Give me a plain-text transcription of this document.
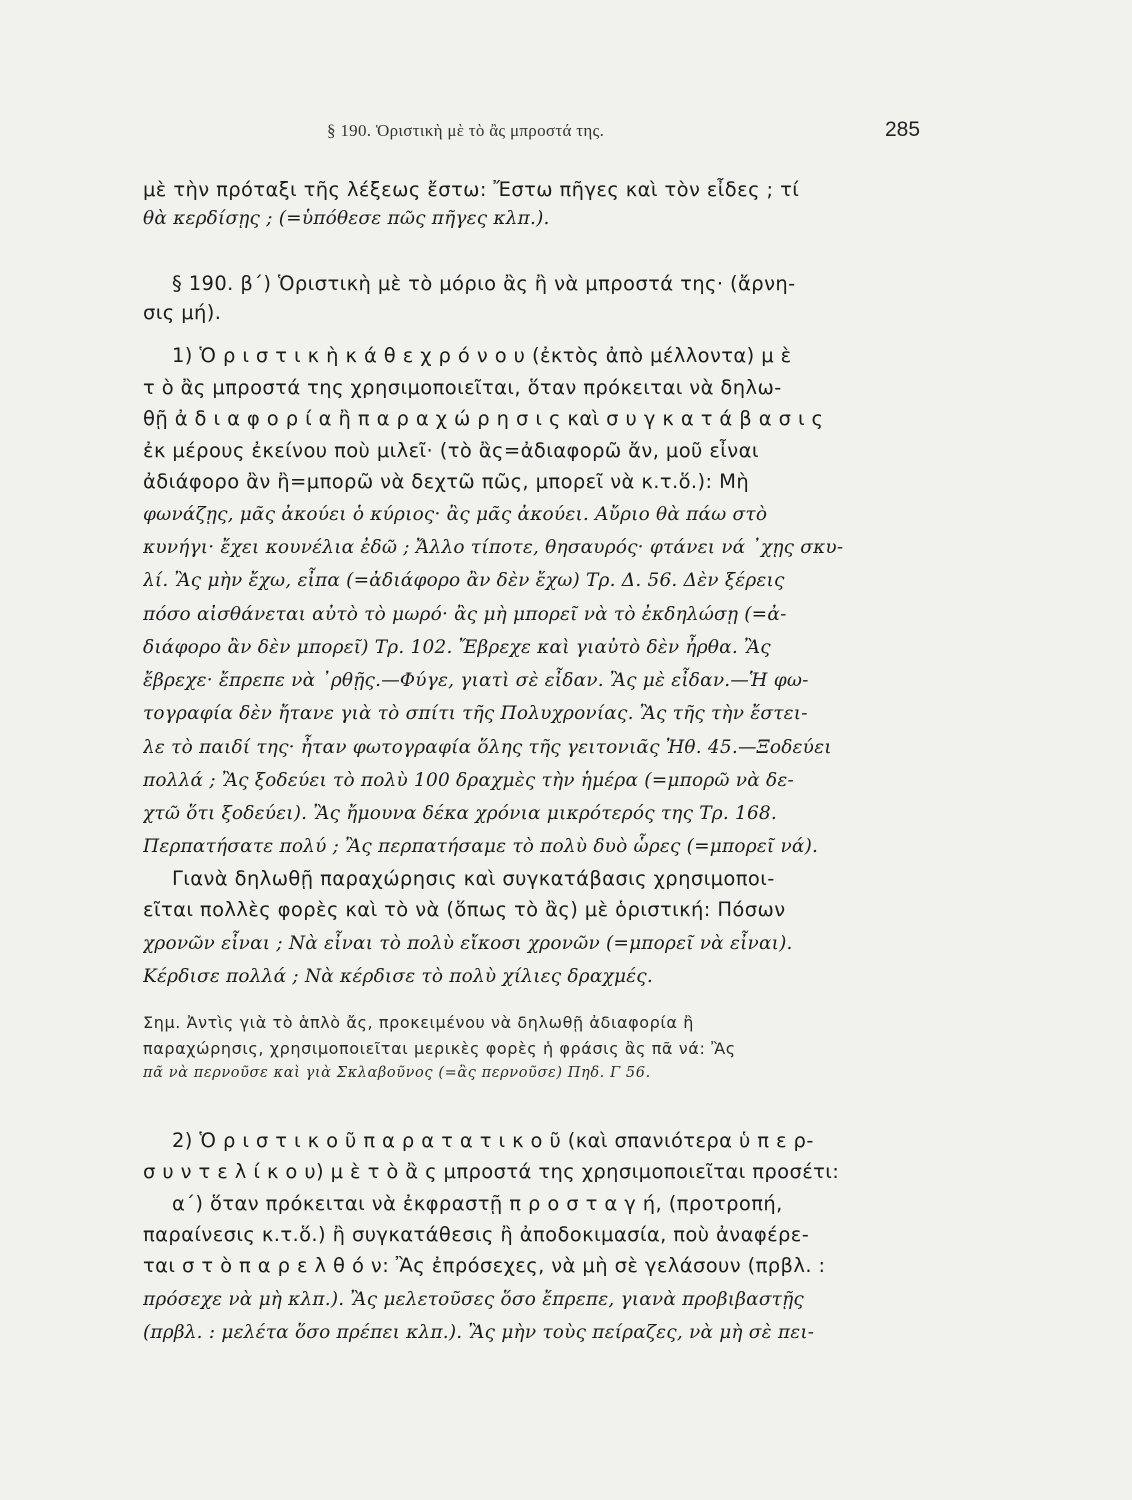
§ 190. Ὁριστικὴ μὲ τὸ ἂς μπροστά της.	285
μὲ τὴν πρόταξι τῆς λέξεως ἔστω: Ἔστω πῆγες καὶ τὸν εἶδες ; τί
θὰ κερδίσῃς ; (=ὑπόθεσε πῶς πῆγες κλπ.).
§ 190. β΄) Ὁριστικὴ μὲ τὸ μόριο ἂς ἢ νὰ μπροστά της· (ἄρνη-
σις μή).
1) Ὁ ρ ι σ τ ι κ ὴ κ ά θ ε χ ρ ό ν ο υ (ἐκτὸς ἀπὸ μέλλοντα) μ ὲ
τ ὸ ἂς μπροστά της χρησιμοποιεῖται, ὅταν πρόκειται νὰ δηλω-
θῇ ἀ δ ι α φ ο ρ ί α ἢ π α ρ α χ ώ ρ η σ ι ς καὶ σ υ γ κ α τ ά β α σ ι ς
ἐκ μέρους ἐκείνου ποὺ μιλεῖ· (τὸ ἂς=ἀδιαφορῶ ἄν, μοῦ εἶναι
ἀδιάφορο ἂν ἢ=μπορῶ νὰ δεχτῶ πῶς, μπορεῖ νὰ κ.τ.ὅ.): Μὴ
φωνάζῃς, μᾶς ἀκούει ὁ κύριος· ἂς μᾶς ἀκούει. Αὔριο θὰ πάω στὸ
κυνήγι· ἔχει κουνέλια ἐδῶ ; Ἄλλο τίποτε, θησαυρός· φτάνει νά ᾽χῃς σκυ-
λί. Ἂς μὴν ἔχω, εἶπα (=ἀδιάφορο ἂν δὲν ἔχω) Τρ. Δ. 56. Δὲν ξέρεις
πόσο αἰσθάνεται αὐτὸ τὸ μωρό· ἂς μὴ μπορεῖ νὰ τὸ ἐκδηλώσῃ (=ἀ-
διάφορο ἂν δὲν μπορεῖ) Τρ. 102. Ἔβρεχε καὶ γιαὐτὸ δὲν ἦρθα. Ἂς
ἔβρεχε· ἔπρεπε νὰ ᾽ρθῇς.—Φύγε, γιατὶ σὲ εἶδαν. Ἂς μὲ εἶδαν.—Ἡ φω-
τογραφία δὲν ἤτανε γιὰ τὸ σπίτι τῆς Πολυχρονίας. Ἂς τῆς τὴν ἔστει-
λε τὸ παιδί της· ἦταν φωτογραφία ὅλης τῆς γειτονιᾶς Ἠθ. 45.—Ξοδεύει
πολλά ; Ἂς ξοδεύει τὸ πολὺ 100 δραχμὲς τὴν ἡμέρα (=μπορῶ νὰ δε-
χτῶ ὅτι ξοδεύει). Ἂς ἤμουνα δέκα χρόνια μικρότερός της Τρ. 168.
Περπατήσατε πολύ ; Ἂς περπατήσαμε τὸ πολὺ δυὸ ὧρες (=μπορεῖ νά).
Γιανὰ δηλωθῇ παραχώρησις καὶ συγκατάβασις χρησιμοποι-
εῖται πολλὲς φορὲς καὶ τὸ νὰ (ὅπως τὸ ἂς) μὲ ὁριστική: Πόσων
χρονῶν εἶναι ; Νὰ εἶναι τὸ πολὺ εἴκοσι χρονῶν (=μπορεῖ νὰ εἶναι).
Κέρδισε πολλά ; Νὰ κέρδισε τὸ πολὺ χίλιες δραχμές.
Σημ. Ἀντὶς γιὰ τὸ ἁπλὸ ἄς, προκειμένου νὰ δηλωθῇ ἀδιαφορία ἢ
παραχώρησις, χρησιμοποιεῖται μερικὲς φορὲς ἡ φράσις ἂς πᾶ νά: Ἂς
πᾶ νὰ περνοῦσε καὶ γιὰ Σκλαβοῦνος (=ἂς περνοῦσε) Πηδ. Γ 56.
2) Ὁ ρ ι σ τ ι κ ο ῦ π α ρ α τ α τ ι κ ο ῦ (καὶ σπανιότερα ὑ π ε ρ-
σ υ ν τ ε λ ί κ ο υ) μ ὲ τ ὸ ἂ ς μπροστά της χρησιμοποιεῖται προσέτι:
α΄) ὅταν πρόκειται νὰ ἐκφραστῇ π ρ ο σ τ α γ ή, (προτροπή,
παραίνεσις κ.τ.ὅ.) ἢ συγκατάθεσις ἢ ἀποδοκιμασία, ποὺ ἀναφέρε-
ται σ τ ὸ π α ρ ε λ θ ό ν: Ἂς ἐπρόσεχες, νὰ μὴ σὲ γελάσουν (πρβλ. :
πρόσεχε νὰ μὴ κλπ.). Ἂς μελετοῦσες ὅσο ἔπρεπε, γιανὰ προβιβαστῇς
(πρβλ. : μελέτα ὅσο πρέπει κλπ.). Ἂς μὴν τοὺς πείραζες, νὰ μὴ σὲ πει-
